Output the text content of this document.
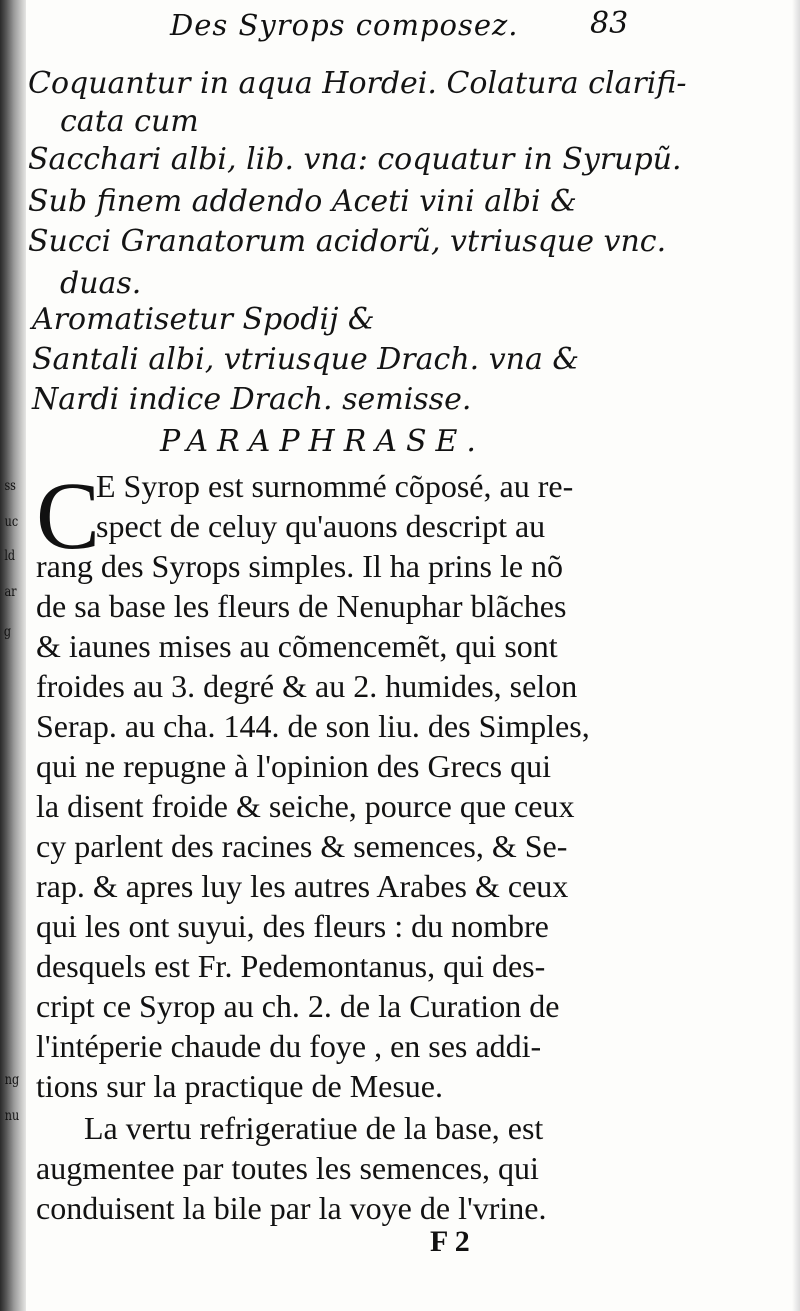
ss
uc
ld
ar
g
ng
nu
Des Syrops composez. 83
Coquantur in aqua Hordei. Colatura clarifi-
cata cum
Sacchari albi, lib. vna: coquatur in Syrupũ.
Sub finem addendo Aceti vini albi &
Succi Granatorum acidorũ, vtriusque vnc.
duas.
Aromatisetur Spodij &
Santali albi, vtriusque Drach. vna &
Nardi indice Drach. semisse.
PARAPHRASE.
C
E Syrop est surnommé cõposé, au re-
spect de celuy qu'auons descript au
rang des Syrops simples. Il ha prins le nõ
de sa base les fleurs de Nenuphar blãches
& iaunes mises au cõmencemẽt, qui sont
froides au 3. degré & au 2. humides, selon
Serap. au cha. 144. de son liu. des Simples,
qui ne repugne à l'opinion des Grecs qui
la disent froide & seiche, pource que ceux
cy parlent des racines & semences, & Se-
rap. & apres luy les autres Arabes & ceux
qui les ont suyui, des fleurs : du nombre
desquels est Fr. Pedemontanus, qui des-
cript ce Syrop au ch. 2. de la Curation de
l'intéperie chaude du foye , en ses addi-
tions sur la practique de Mesue.
La vertu refrigeratiue de la base, est
augmentee par toutes les semences, qui
conduisent la bile par la voye de l'vrine.
F 2
